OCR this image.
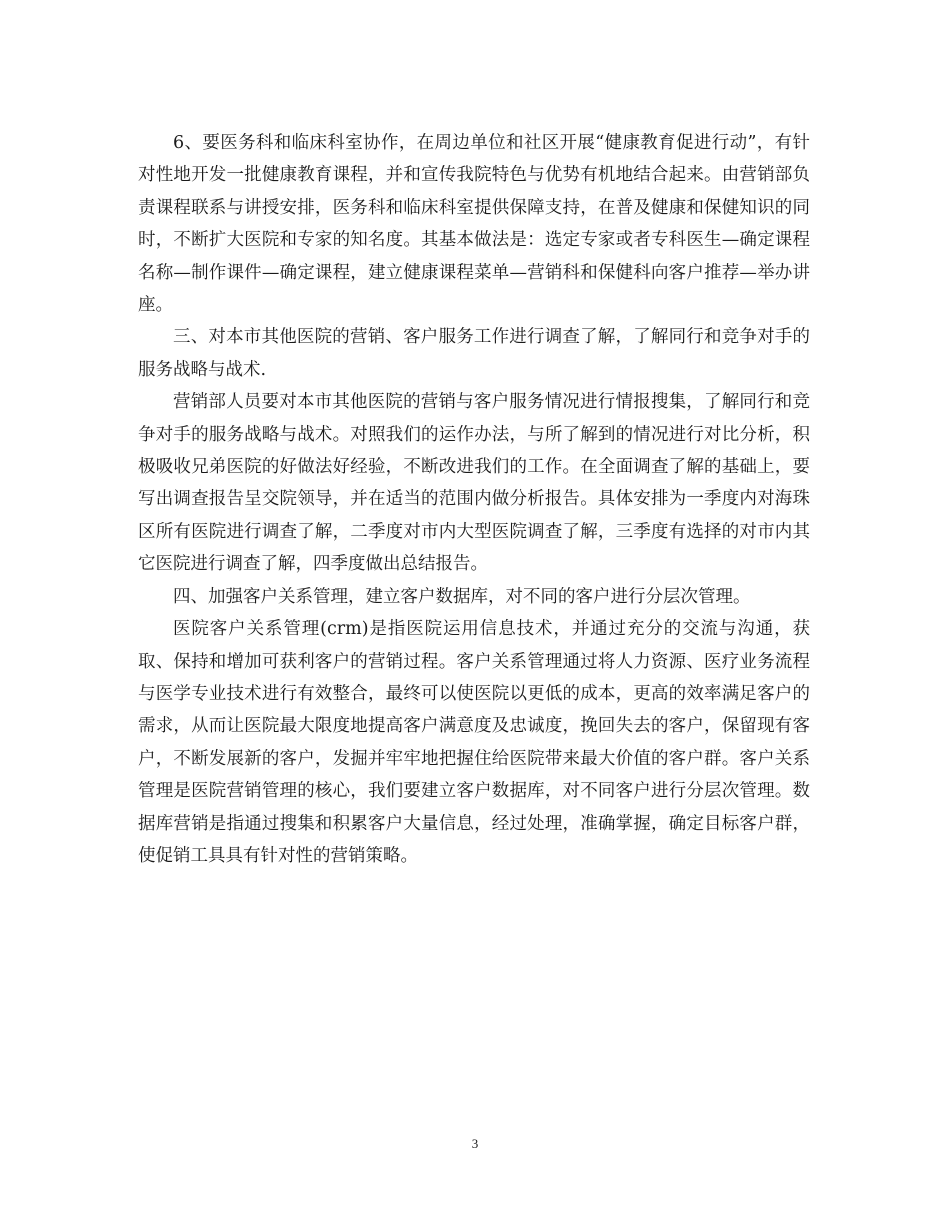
6、要医务科和临床科室协作，在周边单位和社区开展“健康教育促进行动”，有针对性地开发一批健康教育课程，并和宣传我院特色与优势有机地结合起来。由营销部负责课程联系与讲授安排，医务科和临床科室提供保障支持，在普及健康和保健知识的同时，不断扩大医院和专家的知名度。其基本做法是：选定专家或者专科医生—确定课程名称—制作课件—确定课程，建立健康课程菜单—营销科和保健科向客户推荐—举办讲座。

三、对本市其他医院的营销、客户服务工作进行调查了解，了解同行和竞争对手的服务战略与战术.

营销部人员要对本市其他医院的营销与客户服务情况进行情报搜集，了解同行和竞争对手的服务战略与战术。对照我们的运作办法，与所了解到的情况进行对比分析，积极吸收兄弟医院的好做法好经验，不断改进我们的工作。在全面调查了解的基础上，要写出调查报告呈交院领导，并在适当的范围内做分析报告。具体安排为一季度内对海珠区所有医院进行调查了解，二季度对市内大型医院调查了解，三季度有选择的对市内其它医院进行调查了解，四季度做出总结报告。

四、加强客户关系管理，建立客户数据库，对不同的客户进行分层次管理。

医院客户关系管理(crm)是指医院运用信息技术，并通过充分的交流与沟通，获取、保持和增加可获利客户的营销过程。客户关系管理通过将人力资源、医疗业务流程与医学专业技术进行有效整合，最终可以使医院以更低的成本，更高的效率满足客户的需求，从而让医院最大限度地提高客户满意度及忠诚度，挽回失去的客户，保留现有客户，不断发展新的客户，发掘并牢牢地把握住给医院带来最大价值的客户群。客户关系管理是医院营销管理的核心，我们要建立客户数据库，对不同客户进行分层次管理。数据库营销是指通过搜集和积累客户大量信息，经过处理，准确掌握，确定目标客户群，使促销工具具有针对性的营销策略。

3
